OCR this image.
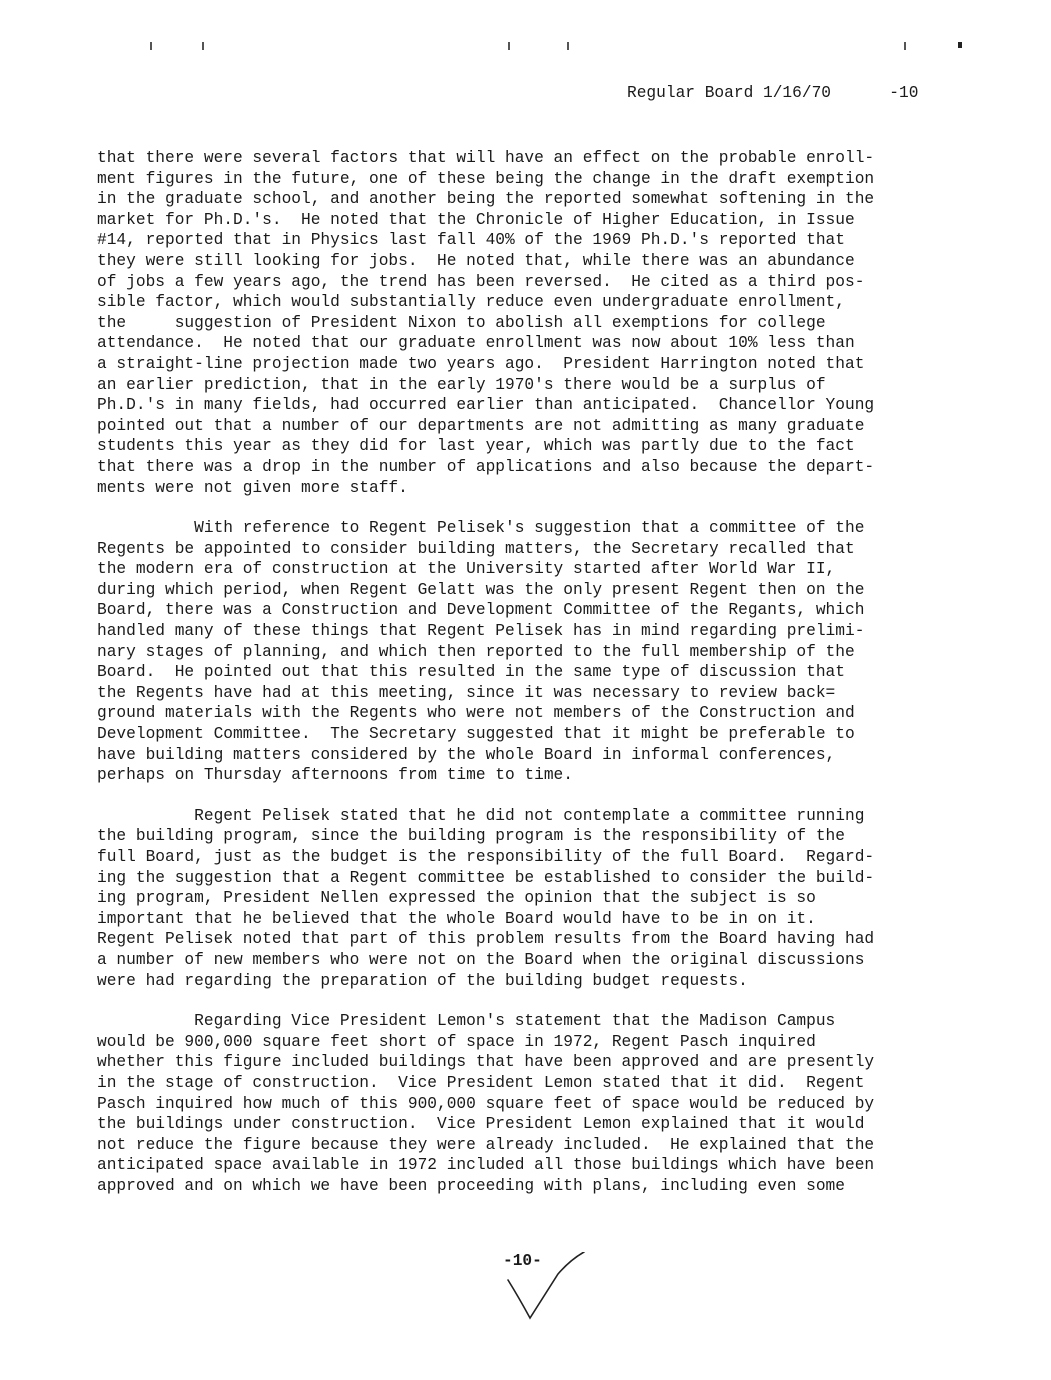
Regular Board 1/16/70	-10
that there were several factors that will have an effect on the probable enroll-
ment figures in the future, one of these being the change in the draft exemption
in the graduate school, and another being the reported somewhat softening in the
market for Ph.D.'s.  He noted that the Chronicle of Higher Education, in Issue
#14, reported that in Physics last fall 40% of the 1969 Ph.D.'s reported that
they were still looking for jobs.  He noted that, while there was an abundance
of jobs a few years ago, the trend has been reversed.  He cited as a third pos-
sible factor, which would substantially reduce even undergraduate enrollment,
the     suggestion of President Nixon to abolish all exemptions for college
attendance.  He noted that our graduate enrollment was now about 10% less than
a straight-line projection made two years ago.  President Harrington noted that
an earlier prediction, that in the early 1970's there would be a surplus of
Ph.D.'s in many fields, had occurred earlier than anticipated.  Chancellor Young
pointed out that a number of our departments are not admitting as many graduate
students this year as they did for last year, which was partly due to the fact
that there was a drop in the number of applications and also because the depart-
ments were not given more staff.
With reference to Regent Pelisek's suggestion that a committee of the
Regents be appointed to consider building matters, the Secretary recalled that
the modern era of construction at the University started after World War II,
during which period, when Regent Gelatt was the only present Regent then on the
Board, there was a Construction and Development Committee of the Regants, which
handled many of these things that Regent Pelisek has in mind regarding prelimi-
nary stages of planning, and which then reported to the full membership of the
Board.  He pointed out that this resulted in the same type of discussion that
the Regents have had at this meeting, since it was necessary to review back=
ground materials with the Regents who were not members of the Construction and
Development Committee.  The Secretary suggested that it might be preferable to
have building matters considered by the whole Board in informal conferences,
perhaps on Thursday afternoons from time to time.
Regent Pelisek stated that he did not contemplate a committee running
the building program, since the building program is the responsibility of the
full Board, just as the budget is the responsibility of the full Board.  Regard-
ing the suggestion that a Regent committee be established to consider the build-
ing program, President Nellen expressed the opinion that the subject is so
important that he believed that the whole Board would have to be in on it.
Regent Pelisek noted that part of this problem results from the Board having had
a number of new members who were not on the Board when the original discussions
were had regarding the preparation of the building budget requests.
Regarding Vice President Lemon's statement that the Madison Campus
would be 900,000 square feet short of space in 1972, Regent Pasch inquired
whether this figure included buildings that have been approved and are presently
in the stage of construction.  Vice President Lemon stated that it did.  Regent
Pasch inquired how much of this 900,000 square feet of space would be reduced by
the buildings under construction.  Vice President Lemon explained that it would
not reduce the figure because they were already included.  He explained that the
anticipated space available in 1972 included all those buildings which have been
approved and on which we have been proceeding with plans, including even some
-10-
